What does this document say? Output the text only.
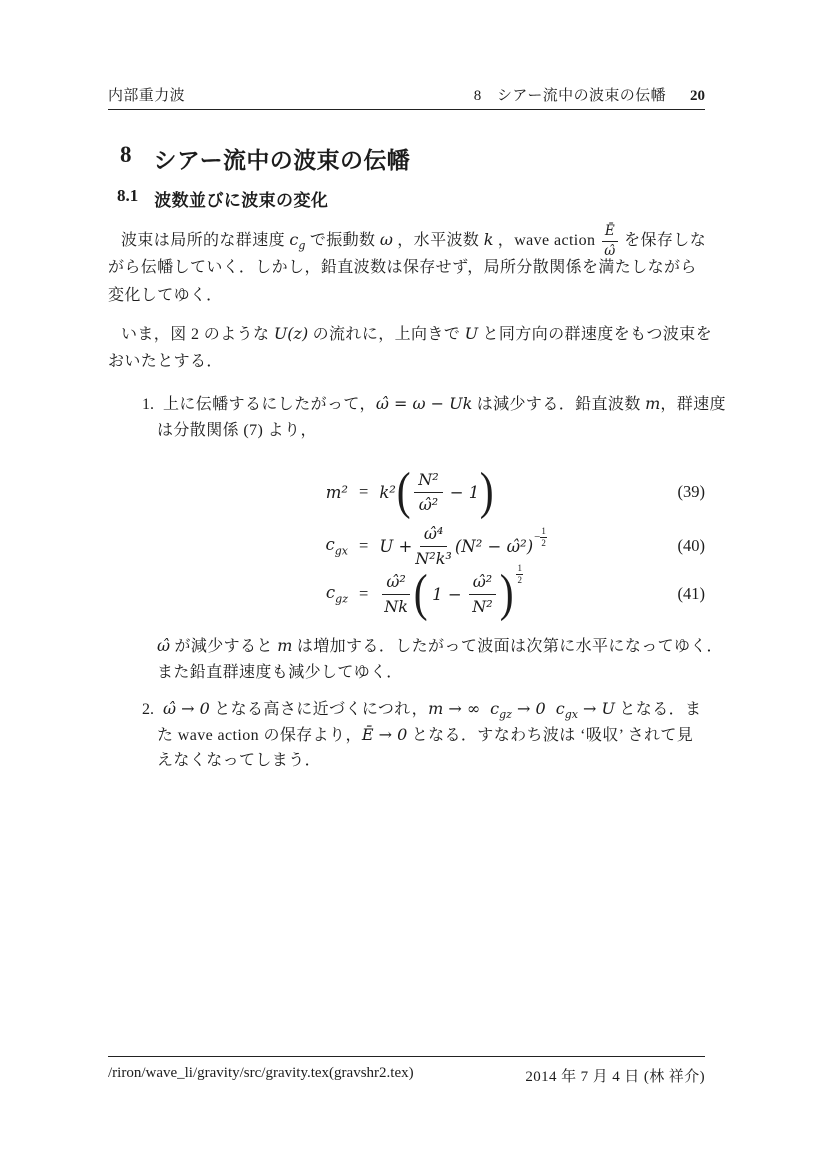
内部重力波	8　シアー流中の波束の伝幡 20
8 シアー流中の波束の伝幡
8.1 波数並びに波束の変化
波束は局所的な群速度 $c_g$ で振動数 ω ，水平波数 k ，wave action $\frac{Ē}{\omegâ}$ を保存しな
がら伝幡していく．しかし，鉛直波数は保存せず，局所分散関係を満たしながら
変化してゆく．
いま，図 2 のような U(z) の流れに，上向きで U と同方向の群速度をもつ波束を
おいたとする．
1. 上に伝幡するにしたがって，ω̂ = ω − Uk は減少する．鉛直波数 m，群速度
は分散関係 (7) より，
m² = k² ( $\frac{\text{N²}}{\text{ω̂²}} - 1$ )	(39)
$c_{gx} = U + \frac{\text{ω̂⁴}}{\text{N²k³}} (N^2$ − ω̂²) − $\frac{1}{2}$	(40)
$c_{gz} = \frac{\text{ω̂²}}{Nk}$ ( $1 - \frac{\text{ω̂²}}{\text{N²}}$ ) $\frac{1}{2}$
(41)
ω̂ が減少すると m は増加する．したがって波面は次第に水平になってゆく．
また鉛直群速度も減少してゆく．
2. ω̂ → 0 となる高さに近づくにつれ，m → ∞ $c_{gz} \to 0$ $c_{gx} \to U$ となる．ま
た wave action の保存より，Ē → 0 となる．すなわち波は ‘吸収’ されて見
えなくなってしまう．
/riron/wave_li/gravity/src/gravity.tex(gravshr2.tex)	2014 年 7 月 4 日 (林 祥介)
